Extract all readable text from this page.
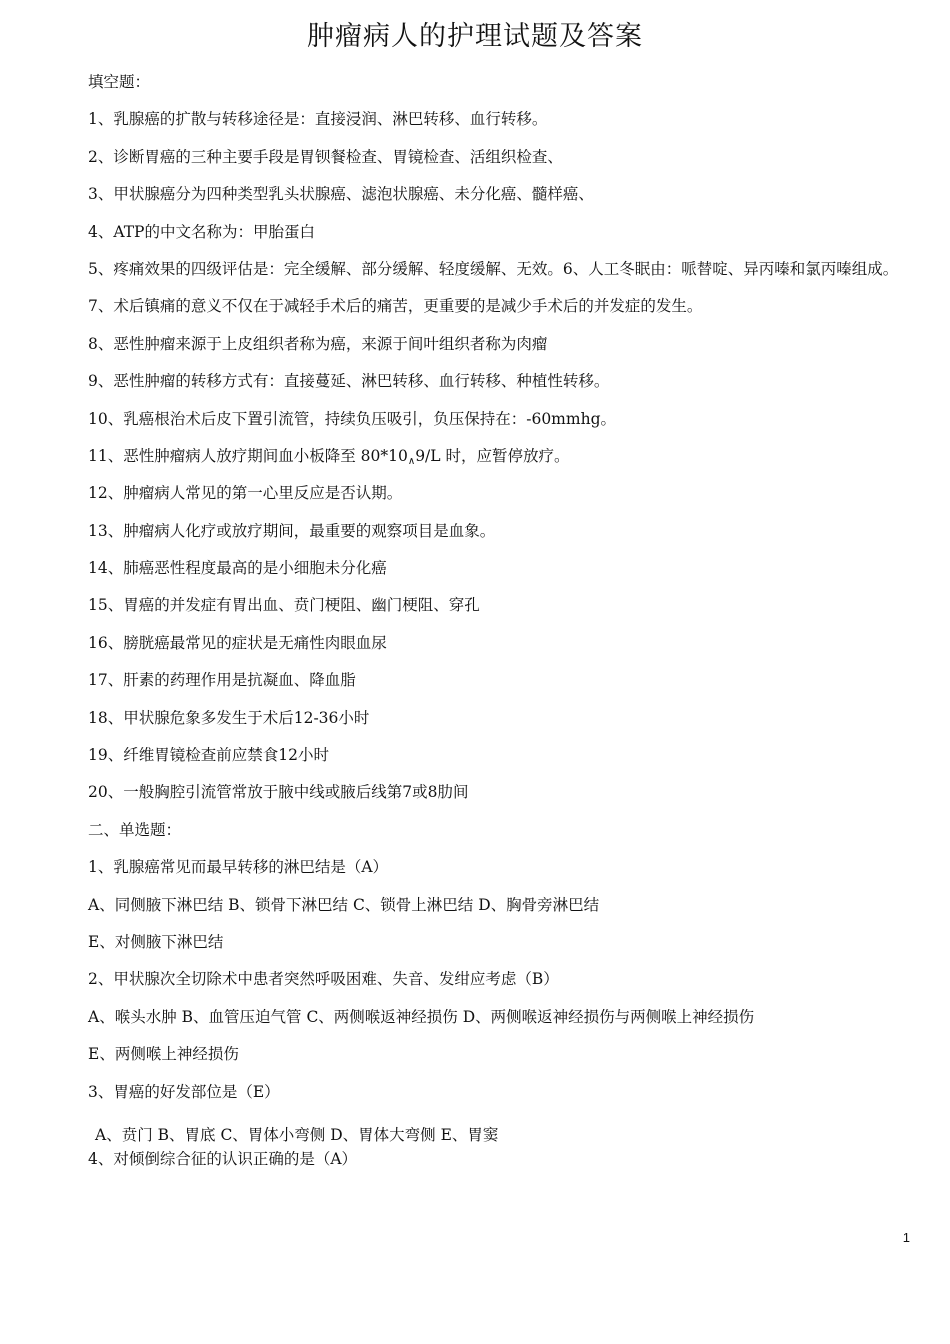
肿瘤病人的护理试题及答案

填空题：

1、乳腺癌的扩散与转移途径是：直接浸润、淋巴转移、血行转移。

2、诊断胃癌的三种主要手段是胃钡餐检查、胃镜检查、活组织检查、

3、甲状腺癌分为四种类型乳头状腺癌、滤泡状腺癌、未分化癌、髓样癌、

4、ATP的中文名称为：甲胎蛋白

5、疼痛效果的四级评估是：完全缓解、部分缓解、轻度缓解、无效。6、人工冬眠由：哌替啶、异丙嗪和氯丙嗪组成。

7、术后镇痛的意义不仅在于减轻手术后的痛苦，更重要的是减少手术后的并发症的发生。

8、恶性肿瘤来源于上皮组织者称为癌，来源于间叶组织者称为肉瘤

9、恶性肿瘤的转移方式有：直接蔓延、淋巴转移、血行转移、种植性转移。

10、乳癌根治术后皮下置引流管，持续负压吸引，负压保持在：-60mmhg。

11、恶性肿瘤病人放疗期间血小板降至 $80*10_\wedge 9/L$ 时，应暂停放疗。

12、肿瘤病人常见的第一心里反应是否认期。

13、肿瘤病人化疗或放疗期间，最重要的观察项目是血象。

14、肺癌恶性程度最高的是小细胞未分化癌

15、胃癌的并发症有胃出血、贲门梗阻、幽门梗阻、穿孔

16、膀胱癌最常见的症状是无痛性肉眼血尿

17、肝素的药理作用是抗凝血、降血脂

18、甲状腺危象多发生于术后12-36小时

19、纤维胃镜检查前应禁食12小时

20、一般胸腔引流管常放于腋中线或腋后线第7或8肋间

二、单选题：

1、乳腺癌常见而最早转移的淋巴结是（A）

A、同侧腋下淋巴结 B、锁骨下淋巴结 C、锁骨上淋巴结 D、胸骨旁淋巴结

E、对侧腋下淋巴结

2、甲状腺次全切除术中患者突然呼吸困难、失音、发绀应考虑（B）

A、喉头水肿 B、血管压迫气管 C、两侧喉返神经损伤 D、两侧喉返神经损伤与两侧喉上神经损伤

E、两侧喉上神经损伤

3、胃癌的好发部位是（E）

A、贲门 B、胃底 C、胃体小弯侧 D、胃体大弯侧 E、胃窦

4、对倾倒综合征的认识正确的是（A）

1
